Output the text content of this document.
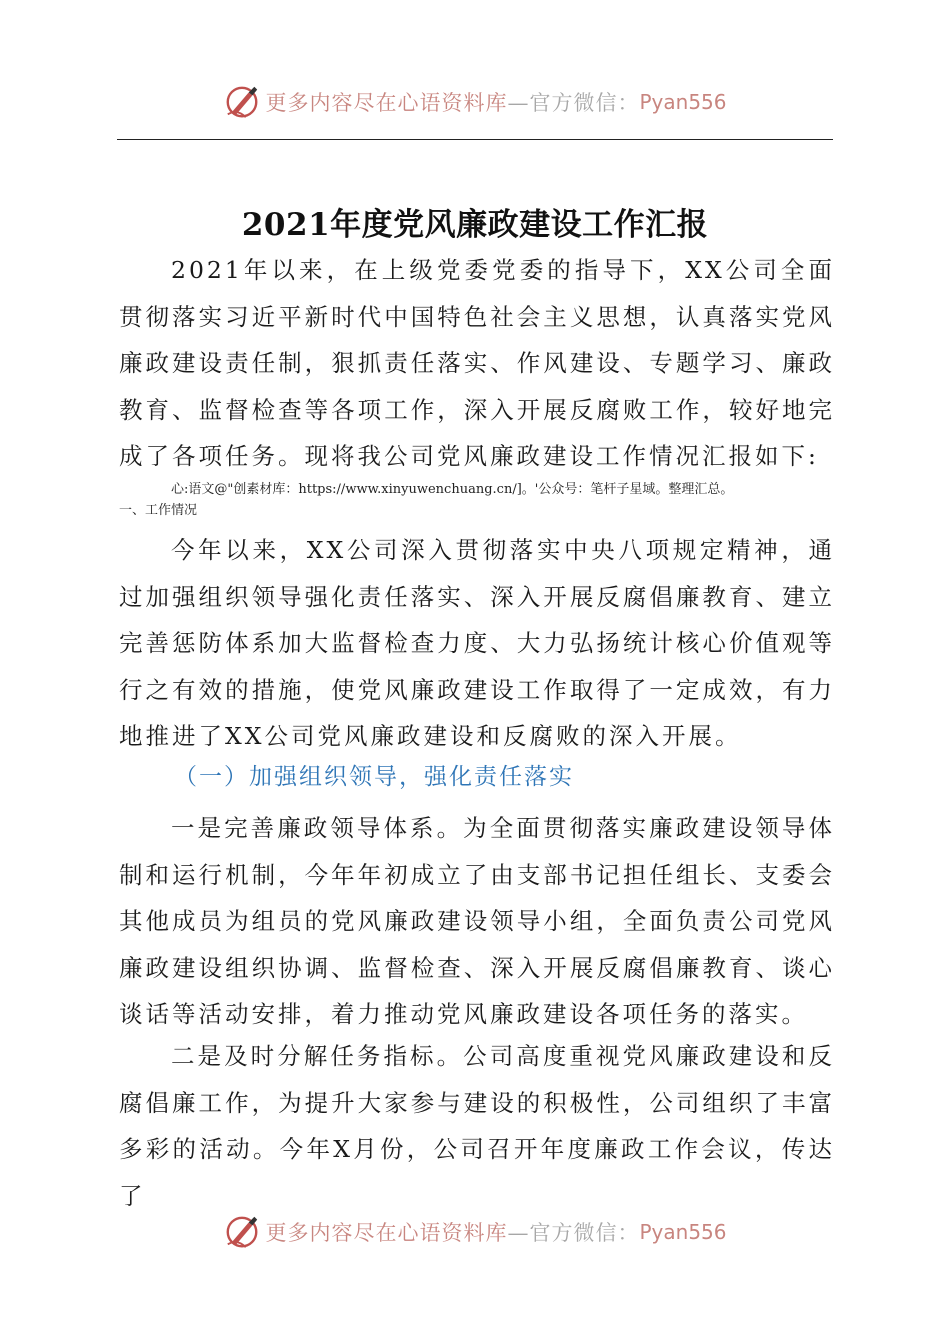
更多内容尽在心语资料库 —官方微信： Pyan556
2021年度党风廉政建设工作汇报

2021年以来，在上级党委党委的指导下，XX公司全面贯彻落实习近平新时代中国特色社会主义思想，认真落实党风廉政建设责任制，狠抓责任落实、作风建设、专题学习、廉政教育、监督检查等各项工作，深入开展反腐败工作，较好地完成了各项任务。现将我公司党风廉政建设工作情况汇报如下:

心:语文@"创素材库：https://www.xinyuwenchuang.cn/]。'公众号：笔杆子星域。整理汇总。
一、工作情况

今年以来，XX公司深入贯彻落实中央八项规定精神，通过加强组织领导强化责任落实、深入开展反腐倡廉教育、建立完善惩防体系加大监督检查力度、大力弘扬统计核心价值观等行之有效的措施，使党风廉政建设工作取得了一定成效，有力地推进了XX公司党风廉政建设和反腐败的深入开展。

（一）加强组织领导，强化责任落实

一是完善廉政领导体系。为全面贯彻落实廉政建设领导体制和运行机制，今年年初成立了由支部书记担任组长、支委会其他成员为组员的党风廉政建设领导小组，全面负责公司党风廉政建设组织协调、监督检查、深入开展反腐倡廉教育、谈心谈话等活动安排，着力推动党风廉政建设各项任务的落实。

二是及时分解任务指标。公司高度重视党风廉政建设和反腐倡廉工作，为提升大家参与建设的积极性，公司组织了丰富多彩的活动。今年X月份，公司召开年度廉政工作会议，传达了

更多内容尽在心语资料库 —官方微信： Pyan556
